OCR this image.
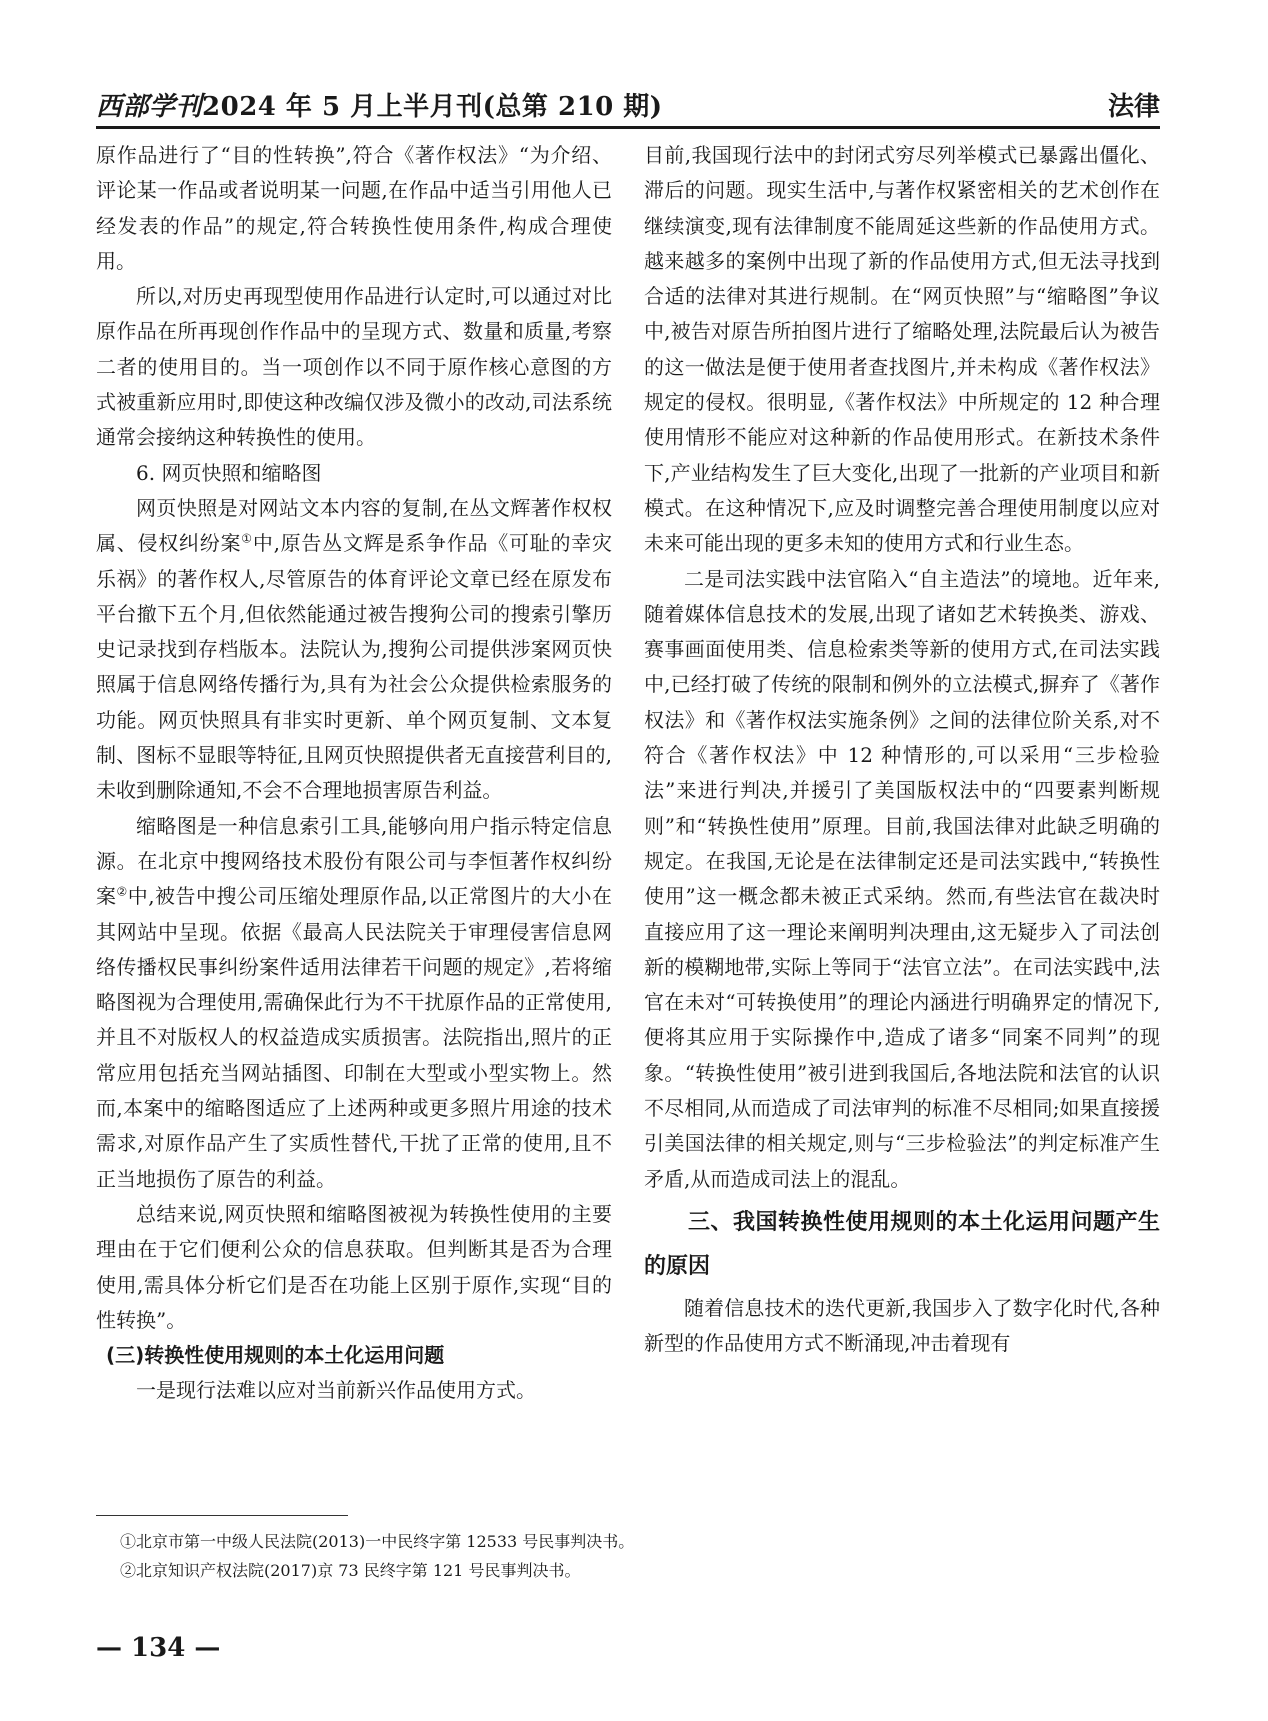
西部学刊2024 年 5 月上半月刊(总第 210 期)	法律

原作品进行了“目的性转换”,符合《著作权法》“为介绍、评论某一作品或者说明某一问题,在作品中适当引用他人已经发表的作品”的规定,符合转换性使用条件,构成合理使用。

所以,对历史再现型使用作品进行认定时,可以通过对比原作品在所再现创作作品中的呈现方式、数量和质量,考察二者的使用目的。当一项创作以不同于原作核心意图的方式被重新应用时,即使这种改编仅涉及微小的改动,司法系统通常会接纳这种转换性的使用。

6. 网页快照和缩略图

网页快照是对网站文本内容的复制,在丛文辉著作权权属、侵权纠纷案①中,原告丛文辉是系争作品《可耻的幸灾乐祸》的著作权人,尽管原告的体育评论文章已经在原发布平台撤下五个月,但依然能通过被告搜狗公司的搜索引擎历史记录找到存档版本。法院认为,搜狗公司提供涉案网页快照属于信息网络传播行为,具有为社会公众提供检索服务的功能。网页快照具有非实时更新、单个网页复制、文本复制、图标不显眼等特征,且网页快照提供者无直接营利目的,未收到删除通知,不会不合理地损害原告利益。

缩略图是一种信息索引工具,能够向用户指示特定信息源。在北京中搜网络技术股份有限公司与李恒著作权纠纷案②中,被告中搜公司压缩处理原作品,以正常图片的大小在其网站中呈现。依据《最高人民法院关于审理侵害信息网络传播权民事纠纷案件适用法律若干问题的规定》,若将缩略图视为合理使用,需确保此行为不干扰原作品的正常使用,并且不对版权人的权益造成实质损害。法院指出,照片的正常应用包括充当网站插图、印制在大型或小型实物上。然而,本案中的缩略图适应了上述两种或更多照片用途的技术需求,对原作品产生了实质性替代,干扰了正常的使用,且不正当地损伤了原告的利益。

总结来说,网页快照和缩略图被视为转换性使用的主要理由在于它们便利公众的信息获取。但判断其是否为合理使用,需具体分析它们是否在功能上区别于原作,实现“目的性转换”。

(三)转换性使用规则的本土化运用问题

一是现行法难以应对当前新兴作品使用方式。

目前,我国现行法中的封闭式穷尽列举模式已暴露出僵化、滞后的问题。现实生活中,与著作权紧密相关的艺术创作在继续演变,现有法律制度不能周延这些新的作品使用方式。越来越多的案例中出现了新的作品使用方式,但无法寻找到合适的法律对其进行规制。在“网页快照”与“缩略图”争议中,被告对原告所拍图片进行了缩略处理,法院最后认为被告的这一做法是便于使用者查找图片,并未构成《著作权法》规定的侵权。很明显,《著作权法》中所规定的 12 种合理使用情形不能应对这种新的作品使用形式。在新技术条件下,产业结构发生了巨大变化,出现了一批新的产业项目和新模式。在这种情况下,应及时调整完善合理使用制度以应对未来可能出现的更多未知的使用方式和行业生态。

二是司法实践中法官陷入“自主造法”的境地。近年来,随着媒体信息技术的发展,出现了诸如艺术转换类、游戏、赛事画面使用类、信息检索类等新的使用方式,在司法实践中,已经打破了传统的限制和例外的立法模式,摒弃了《著作权法》和《著作权法实施条例》之间的法律位阶关系,对不符合《著作权法》中 12 种情形的,可以采用“三步检验法”来进行判决,并援引了美国版权法中的“四要素判断规则”和“转换性使用”原理。目前,我国法律对此缺乏明确的规定。在我国,无论是在法律制定还是司法实践中,“转换性使用”这一概念都未被正式采纳。然而,有些法官在裁决时直接应用了这一理论来阐明判决理由,这无疑步入了司法创新的模糊地带,实际上等同于“法官立法”。在司法实践中,法官在未对“可转换使用”的理论内涵进行明确界定的情况下,便将其应用于实际操作中,造成了诸多“同案不同判”的现象。“转换性使用”被引进到我国后,各地法院和法官的认识不尽相同,从而造成了司法审判的标准不尽相同;如果直接援引美国法律的相关规定,则与“三步检验法”的判定标准产生矛盾,从而造成司法上的混乱。

三、我国转换性使用规则的本土化运用问题产生的原因

随着信息技术的迭代更新,我国步入了数字化时代,各种新型的作品使用方式不断涌现,冲击着现有

①北京市第一中级人民法院(2013)一中民终字第 12533 号民事判决书。
②北京知识产权法院(2017)京 73 民终字第 121 号民事判决书。
— 134 —
